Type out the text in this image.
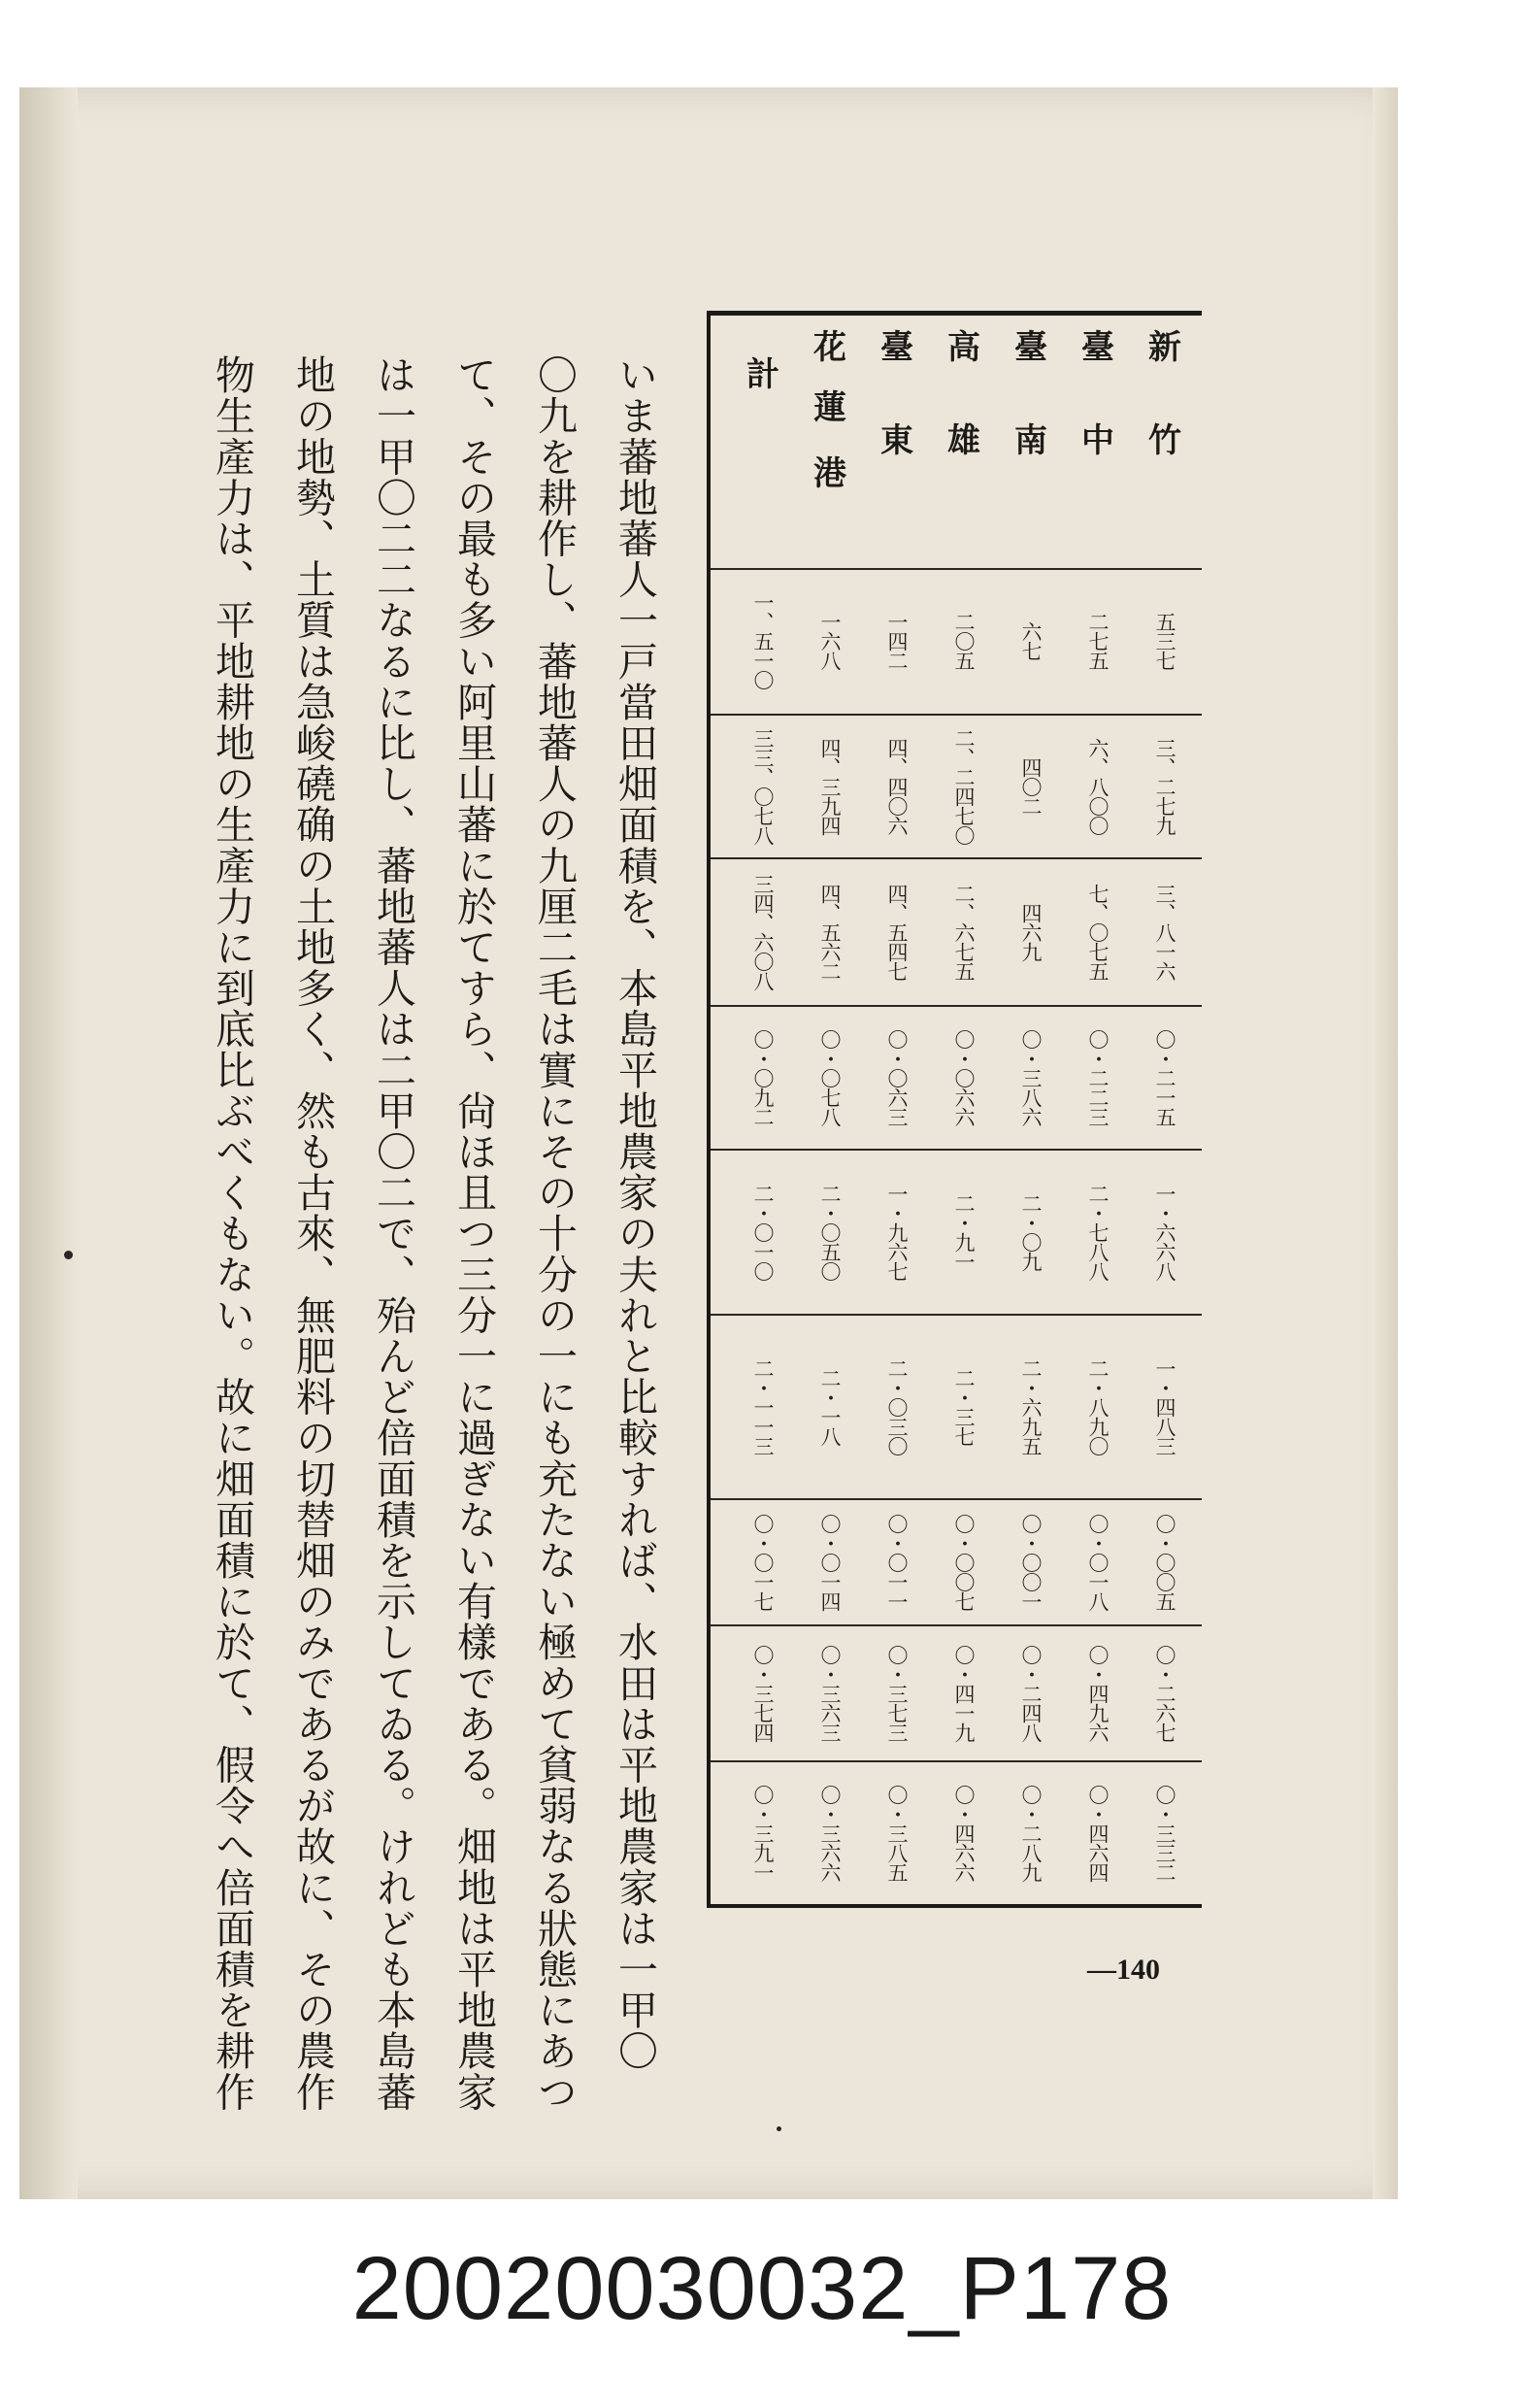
新
竹
臺
中
臺
南
高
雄
臺
東
花
蓮
港
計
五三七
二七五
六七
二〇五
一四二
一六八
一、五一〇
三、二七九
六、八〇〇
四〇二
二、二四七〇
四、四〇六
四、三九四
三三、〇七八
三、八一六
七、〇七五
四六九
二、六七五
四、五四七
四、五六二
三四、六〇八
〇・二一五
〇・二二三
〇・三八六
〇・〇六六
〇・〇六三
〇・〇七八
〇・〇九二
一・六六八
二・七八八
二・〇九
二・九一
一・九六七
二・〇五〇
二・〇一〇
一・四八三
二・八九〇
二・六九五
二・三七
二・〇三〇
二・一八
二・一一三
〇・〇〇五
〇・〇一八
〇・〇〇一
〇・〇〇七
〇・〇一一
〇・〇一四
〇・〇一七
〇・二六七
〇・四九六
〇・二四八
〇・四一九
〇・三七三
〇・三六三
〇・三七四
〇・三三二
〇・四六四
〇・二八九
〇・四六六
〇・三八五
〇・三六六
〇・三九一
いま蕃地蕃人一戸當田畑面積を、本島平地農家の夫れと比較すれば、水田は平地農家は一甲〇
〇九を耕作し、蕃地蕃人の九厘二毛は實にその十分の一にも充たない極めて貧弱なる狀態にあつ
て、その最も多い阿里山蕃に於てすら、尙ほ且つ三分一に過ぎない有樣である。畑地は平地農家
は一甲〇二二なるに比し、蕃地蕃人は二甲〇二で、殆んど倍面積を示してゐる。けれども本島蕃
地の地勢、土質は急峻磽确の土地多く、然も古來、無肥料の切替畑のみであるが故に、その農作
物生產力は、平地耕地の生產力に到底比ぶべくもない。故に畑面積に於て、假令へ倍面積を耕作	—140
20020030032_P178
